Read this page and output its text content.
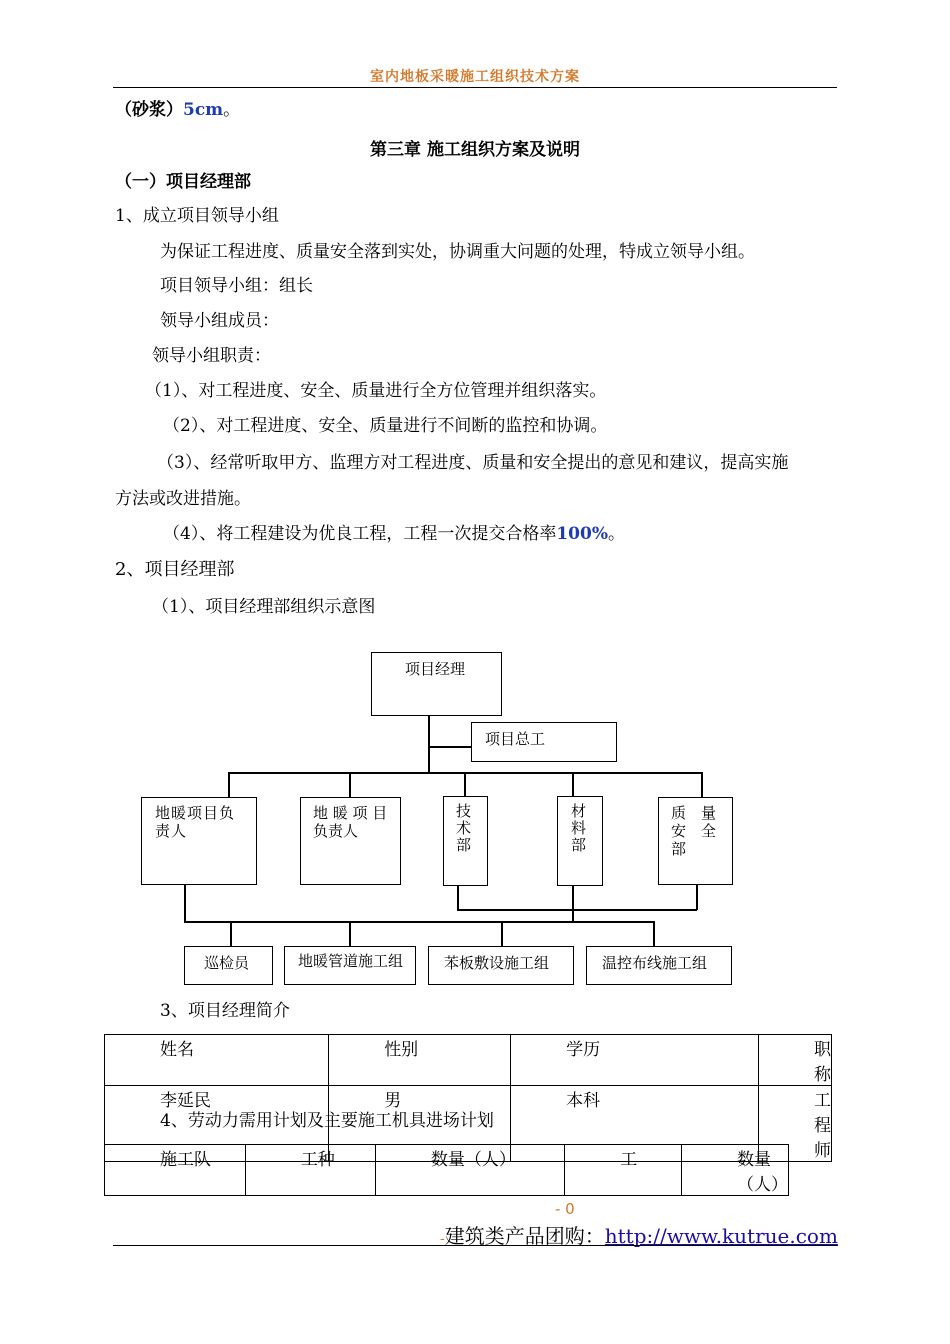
室内地板采暖施工组织技术方案
（砂浆）5cm。
第三章 施工组织方案及说明
（一）项目经理部
1、成立项目领导小组
为保证工程进度、质量安全落到实处，协调重大问题的处理，特成立领导小组。
项目领导小组：组长
领导小组成员：
领导小组职责：
（1）、对工程进度、安全、质量进行全方位管理并组织落实。
（2）、对工程进度、安全、质量进行不间断的监控和协调。
（3）、经常听取甲方、监理方对工程进度、质量和安全提出的意见和建议，提高实施
方法或改进措施。
（4）、将工程建设为优良工程，工程一次提交合格率100%。
2、项目经理部
（1）、项目经理部组织示意图
项目经理
项目总工
地暖项目负责人
地 暖 项 目 负责人
技术部
材料部
质　量
安　全
部
巡检员	地暖管道施工组	苯板敷设施工组	温控布线施工组
3、项目经理简介
姓名	性别	学历	职称
李延民	男	本科	工程师
4、劳动力需用计划及主要施工机具进场计划
施工队	工种	数量（人）	工	数量（人）
- 0
-建筑类产品团购：http://www.kutrue.com
